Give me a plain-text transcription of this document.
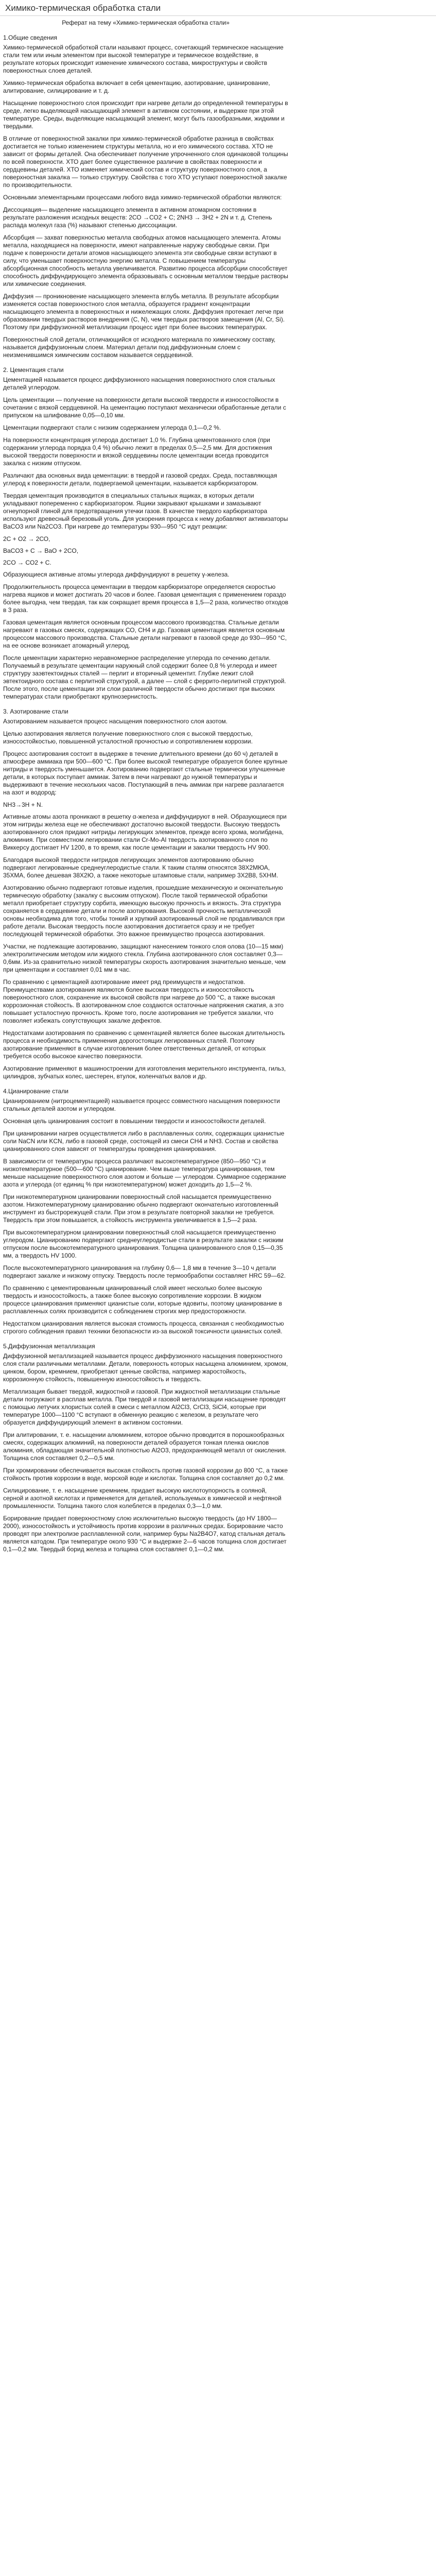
Химико-термическая обработка стали
Реферат на тему «Химико-термическая обработка стали»
1.Общие сведения

Химико-термической обработкой стали называют процесс, сочетающий термическое насыщение стали тем или иным элементом при высокой температуре и термическое воздействие, в результате которых происходит изменение химического состава, микроструктуры и свойств поверхностных слоев деталей.

Химико-термическая обработка включает в себя цементацию, азотирование, цианирование, алитирование, силицирование и т. д.

Насыщение поверхностного слоя происходит при нагреве детали до определенной температуры в среде, легко выделяющей насыщающий элемент в активном состоянии, и выдержке при этой температуре. Среды, выделяющие насыщающий элемент, могут быть газообразными, жидкими и твердыми.

В отличие от поверхностной закалки при химико-термической обработке разница в свойствах достигается не только изменением структуры металла, но и его химического состава. ХТО не зависит от формы деталей. Она обеспечивает получение упрочненного слоя одинаковой толщины по всей поверхности. ХТО дает более существенное различие в свойствах поверхности и сердцевины деталей. ХТО изменяет химический состав и структуру поверхностного слоя, а поверхностная закалка — только структуру. Свойства с того ХТО уступают поверхностной закалке по производительности.

Основными элементарными процессами любого вида химико-термической обработки являются:

Диссоциация— выделение насыщающего элемента в активном атомарном состоянии в результате разложения исходных веществ: 2СО →СО2 + С; 2NH3 → 3Н2 + 2N и т. д. Степень распада молекул газа (%) называют степенью диссоциации.

Абсорбция — захват поверхностью металла свободных атомов насыщающего элемента. Атомы металла, находящиеся на поверхности, имеют направленные наружу свободные связи. При подаче к поверхности детали атомов насыщающего элемента эти свободные связи вступают в силу, что уменьшает поверхностную энергию металла. С повышением температуры абсорбционная способность металла увеличивается. Развитию процесса абсорбции способствует способность диффундирующего элемента образовывать с основным металлом твердые растворы или химические соединения.

Диффузия — проникновение насыщающего элемента вглубь металла. В результате абсорбции изменяется состав поверхностного слоя металла, образуется градиент концентрации насыщающего элемента в поверхностных и нижележащих слоях. Диффузия протекает легче при образовании твердых растворов внедрения (С, N), чем твердых растворов замещения (Al, Cr, Si). Поэтому при диффузионной металлизации процесс идет при более высоких температурах.

Поверхностный слой детали, отличающийся от исходного материала по химическому составу, называется диффузионным слоем. Материал детали под диффузионным слоем с неизменившимся химическим составом называется сердцевиной.

2. Цементация стали

Цементацией называется процесс диффузионного насыщения поверхностного слоя стальных деталей углеродом.

Цель цементации — получение на поверхности детали высокой твердости и износостойкости в сочетании с вязкой сердцевиной. На цементацию поступают механически обработанные детали с припуском на шлифование 0,05—0,10 мм.

Цементации подвергают стали с низким содержанием углерода 0,1—0,2 %.

На поверхности концентрация углерода достигает 1,0 %. Глубина цементованного слоя (при содержании углерода порядка 0,4 %) обычно лежит в пределах 0,5—2,5 мм. Для достижения высокой твердости поверхности и вязкой сердцевины после цементации всегда проводится закалка с низким отпуском.

Различают два основных вида цементации: в твердой и газовой средах. Среда, поставляющая углерод к поверхности детали, подвергаемой цементации, называется карбюризатором.

Твердая цементация производится в специальных стальных ящиках, в которых детали укладывают попеременно с карбюризатором. Ящики закрывают крышками и замазывают огнеупорной глиной для предотвращения утечки газов. В качестве твердого карбюризатора используют древесный березовый уголь. Для ускорения процесса к нему добавляют активизаторы BaCO3 или Na2CO3. При нагреве до температуры 930—950 °С идут реакции:

2С + О2 → 2СО,

BaCO3 + C → BaO + 2CO,

2CO → CO2 + C.

Образующиеся активные атомы углерода диффундируют в решетку γ-железа.

Продолжительность процесса цементации в твердом карбюризаторе определяется скоростью нагрева ящиков и может достигать 20 часов и более. Газовая цементация с применением гораздо более выгодна, чем твердая, так как сокращает время процесса в 1,5—2 раза, количество отходов в 3 раза.

Газовая цементация является основным процессом массового производства. Стальные детали нагревают в газовых смесях, содержащих СО, СН4 и др. Газовая цементация является основным процессом массового производства. Стальные детали нагревают в газовой среде до 930—950 °С, на ее основе возникает атомарный углерод.

После цементации характерно неравномерное распределение углерода по сечению детали. Получаемый в результате цементации наружный слой содержит более 0,8 % углерода и имеет структуру заэвтектоидных сталей — перлит и вторичный цементит. Глубже лежит слой эвтектоидного состава с перлитной структурой, а далее — слой с феррито-перлитной структурой. После этого, после цементации эти слои различной твердости обычно достигают при высоких температурах стали приобретают крупнозернистость.

3. Азотирование стали

Азотированием называется процесс насыщения поверхностного слоя азотом.

Целью азотирования является получение поверхностного слоя с высокой твердостью, износостойкостью, повышенной усталостной прочностью и сопротивлением коррозии.

Процесс азотирования состоит в выдержке в течение длительного времени (до 60 ч) деталей в атмосфере аммиака при 500—600 °С. При более высокой температуре образуется более крупные нитриды и твердость уменьшается. Азотированию подвергают стальные термически улучшенные детали, в которых поступает аммиак. Затем в печи нагревают до нужной температуры и выдерживают в течение нескольких часов. Поступающий в печь аммиак при нагреве разлагается на азот и водород:

NH3→3H + N.

Активные атомы азота проникают в решетку α-железа и диффундируют в ней. Образующиеся при этом нитриды железа еще не обеспечивают достаточно высокой твердости. Высокую твердость азотированного слоя придают нитриды легирующих элементов, прежде всего хрома, молибдена, алюминия. При совместном легировании стали Cr-Mo-Al твердость азотированного слоя по Виккерсу достигает HV 1200, в то время, как после цементации и закалки твердость HV 900.

Благодаря высокой твердости нитридов легирующих элементов азотированию обычно подвергают легированные среднеуглеродистые стали. К таким сталям относятся 38Х2МЮА, 35ХМА, более дешевая 38Х2Ю, а также некоторые штамповые стали, например 3Х2В8, 5ХНМ.

Азотированию обычно подвергают готовые изделия, прошедшие механическую и окончательную термическую обработку (закалку с высоким отпуском). После такой термической обработки металл приобретает структуру сорбита, имеющую высокую прочность и вязкость. Эта структура сохраняется в сердцевине детали и после азотирования. Высокой прочность металлической основы необходима для того, чтобы тонкий и хрупкий азотированный слой не продавливался при работе детали. Высокая твердость после азотирования достигается сразу и не требует последующей термической обработки. Это важное преимущество процесса азотирования.

Участки, не подлежащие азотированию, защищают нанесением тонкого слоя олова (10—15 мкм) электролитическим методом или жидкого стекла. Глубина азотированного слоя составляет 0,3—0,6мм. Из-за сравнительно низкой температуры скорость азотирования значительно меньше, чем при цементации и составляет 0,01 мм в час.

По сравнению с цементацией азотирование имеет ряд преимуществ и недостатков. Преимуществами азотирования являются более высокая твердость и износостойкость поверхностного слоя, сохранение их высокой свойств при нагреве до 500 °С, а также высокая коррозионная стойкость. В азотированном слое создаются остаточные напряжения сжатия, а это повышает усталостную прочность. Кроме того, после азотирования не требуется закалки, что позволяет избежать сопутствующих закалке дефектов.

Недостатками азотирования по сравнению с цементацией является более высокая длительность процесса и необходимость применения дорогостоящих легированных сталей. Поэтому азотирование применяют в случае изготовления более ответственных деталей, от которых требуется особо высокое качество поверхности.

Азотирование применяют в машиностроении для изготовления мерительного инструмента, гильз, цилиндров, зубчатых колес, шестерен, втулок, коленчатых валов и др.

4.Цианирование стали

Цианированием (нитроцементацией) называется процесс совместного насыщения поверхности стальных деталей азотом и углеродом.

Основная цель цианирования состоит в повышении твердости и износостойкости деталей.

При цианировании нагрев осуществляется либо в расплавленных солях, содержащих цианистые соли NaCN или KCN, либо в газовой среде, состоящей из смеси СН4 и NH3. Состав и свойства цианированного слоя зависят от температуры проведения цианирования.

В зависимости от температуры процесса различают высокотемпературное (850—950 °С) и низкотемпературное (500—600 °С) цианирование. Чем выше температура цианирования, тем меньше насыщение поверхностного слоя азотом и больше — углеродом. Суммарное содержание азота и углерода (от единиц % при низкотемпературном) может доходить до 1,5—2 %.

При низкотемпературном цианировании поверхностный слой насыщается преимущественно азотом. Низкотемпературному цианированию обычно подвергают окончательно изготовленный инструмент из быстрорежущей стали. При этом в результате повторной закалки не требуется. Твердость при этом повышается, а стойкость инструмента увеличивается в 1,5—2 раза.

При высокотемпературном цианировании поверхностный слой насыщается преимущественно углеродом. Цианированию подвергают среднеуглеродистые стали в результате закалки с низким отпуском после высокотемпературного цианирования. Толщина цианированного слоя 0,15—0,35 мм, а твердость HV 1000.

После высокотемпературного цианирования на глубину 0,6— 1,8 мм в течение 3—10 ч детали подвергают закалке и низкому отпуску. Твердость после термообработки составляет HRC 59—62.

По сравнению с цементированным цианированный слой имеет несколько более высокую твердость и износостойкость, а также более высокую сопротивление коррозии. В жидком процессе цианирования применяют цианистые соли, которые ядовиты, поэтому цианирование в расплавленных солях производится с соблюдением строгих мер предосторожности.

Недостатком цианирования является высокая стоимость процесса, связанная с необходимостью строгого соблюдения правил техники безопасности из-за высокой токсичности цианистых солей.

5.Диффузионная металлизация

Диффузионной металлизацией называется процесс диффузионного насыщения поверхностного слоя стали различными металлами. Детали, поверхность которых насыщена алюминием, хромом, цинком, бором, кремнием, приобретают ценные свойства, например жаростойкость, коррозионную стойкость, повышенную износостойкость и твердость.

Металлизация бывает твердой, жидкостной и газовой. При жидкостной металлизации стальные детали погружают в расплав металла. При твердой и газовой металлизации насыщение проводят с помощью летучих хлористых солей в смеси с металлом Al2Cl3, CrCl3, SiCl4, которые при температуре 1000—1100 °С вступают в обменную реакцию с железом, в результате чего образуется диффундирующий элемент в активном состоянии.

При алитировании, т. е. насыщении алюминием, которое обычно проводится в порошкообразных смесях, содержащих алюминий, на поверхности деталей образуется тонкая пленка окислов алюминия, обладающая значительной плотностью Al2O3, предохраняющей металл от окисления. Толщина слоя составляет 0,2—0,5 мм.

При хромировании обеспечивается высокая стойкость против газовой коррозии до 800 °С, а также стойкость против коррозии в воде, морской воде и кислотах. Толщина слоя составляет до 0,2 мм.

Силицирование, т. е. насыщение кремнием, придает высокую кислотоупорность в соляной, серной и азотной кислотах и применяется для деталей, используемых в химической и нефтяной промышленности. Толщина такого слоя колеблется в пределах 0,3—1,0 мм.

Борирование придает поверхностному слою исключительно высокую твердость (до HV 1800—2000), износостойкость и устойчивость против коррозии в различных средах. Борирование часто проводят при электролизе расплавленной соли, например буры Na2B4O7, катод стальная деталь является катодом. При температуре около 930 °С и выдержке 2—6 часов толщина слоя достигает 0,1—0,2 мм. Твердый борид железа и толщина слоя составляет 0,1—0,2 мм.
